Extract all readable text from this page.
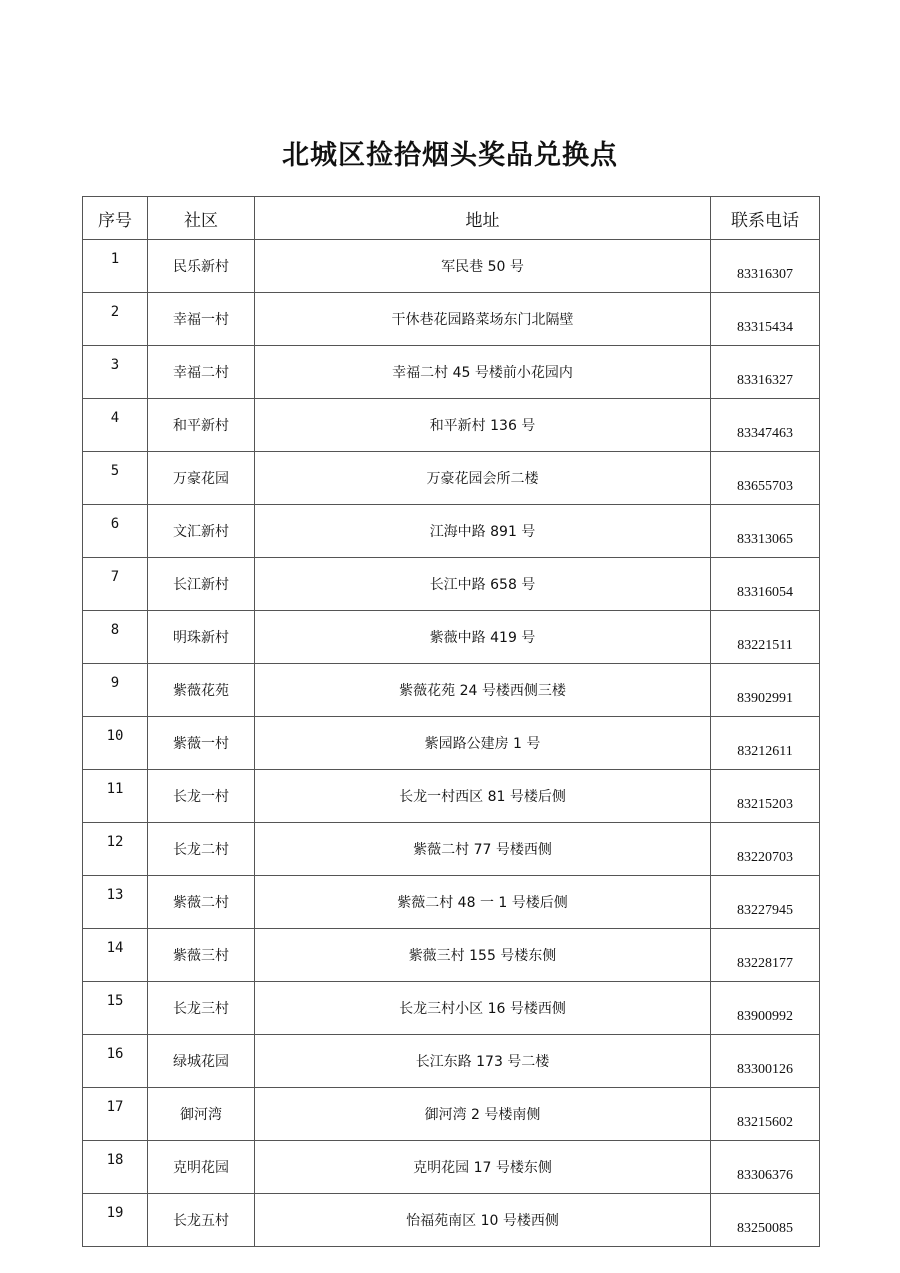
北城区捡拾烟头奖品兑换点
序号	社区	地址	联系电话
1	民乐新村	军民巷 50 号	83316307
2	幸福一村	干休巷花园路菜场东门北隔壁	83315434
3	幸福二村	幸福二村 45 号楼前小花园内	83316327
4	和平新村	和平新村 136 号	83347463
5	万豪花园	万豪花园会所二楼	83655703
6	文汇新村	江海中路 891 号	83313065
7	长江新村	长江中路 658 号	83316054
8	明珠新村	紫薇中路 419 号	83221511
9	紫薇花苑	紫薇花苑 24 号楼西侧三楼	83902991
10	紫薇一村	紫园路公建房 1 号	83212611
11	长龙一村	长龙一村西区 81 号楼后侧	83215203
12	长龙二村	紫薇二村 77 号楼西侧	83220703
13	紫薇二村	紫薇二村 48 一 1 号楼后侧	83227945
14	紫薇三村	紫薇三村 155 号楼东侧	83228177
15	长龙三村	长龙三村小区 16 号楼西侧	83900992
16	绿城花园	长江东路 173 号二楼	83300126
17	御河湾	御河湾 2 号楼南侧	83215602
18	克明花园	克明花园 17 号楼东侧	83306376
19	长龙五村	怡福苑南区 10 号楼西侧	83250085
